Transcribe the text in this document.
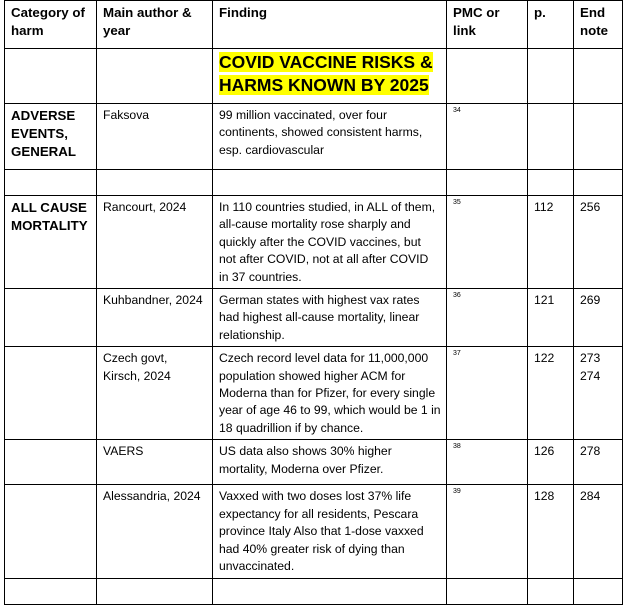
Category of harm	Main author & year	Finding	PMC or link	p.	End note
		COVID VACCINE RISKS &
HARMS KNOWN BY 2025			
ADVERSE EVENTS, GENERAL	Faksova	99 million vaccinated, over four continents, showed consistent harms, esp. cardiovascular	34		

ALL CAUSE MORTALITY	Rancourt, 2024	In 110 countries studied, in ALL of them, all-cause mortality rose sharply and quickly after the COVID vaccines, but not after COVID, not at all after COVID in 37 countries.	35	112	256
	Kuhbandner, 2024	German states with highest vax rates had highest all-cause mortality, linear relationship.	36	121	269
	Czech govt, Kirsch, 2024	Czech record level data for 11,000,000 population showed higher ACM for Moderna than for Pfizer, for every single year of age 46 to 99, which would be 1 in 18 quadrillion if by chance.	37	122	273 274
	VAERS	US data also shows 30% higher mortality, Moderna over Pfizer.	38	126	278
	Alessandria, 2024	Vaxxed with two doses lost 37% life expectancy for all residents, Pescara province Italy Also that 1-dose vaxxed had 40% greater risk of dying than unvaccinated.	39	128	284
